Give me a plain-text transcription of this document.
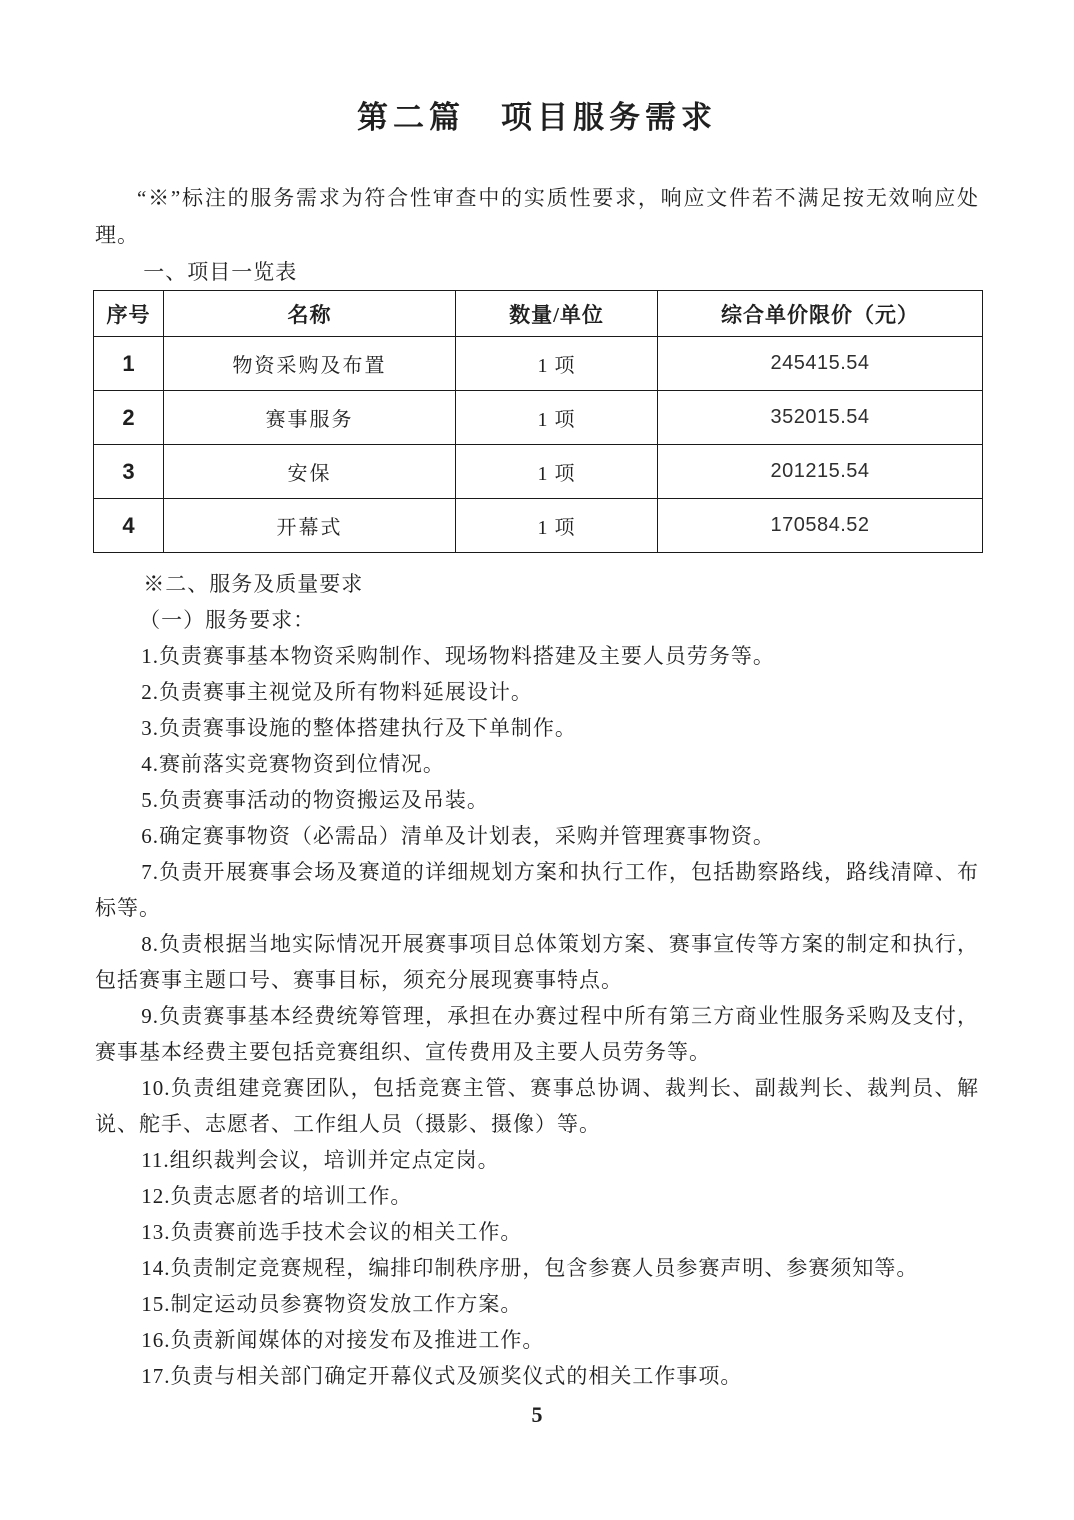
第二篇　项目服务需求

“※”标注的服务需求为符合性审查中的实质性要求，响应文件若不满足按无效响应处理。

一、项目一览表

序号	名称	数量/单位	综合单价限价（元）
1	物资采购及布置	1 项	245415.54
2	赛事服务	1 项	352015.54
3	安保	1 项	201215.54
4	开幕式	1 项	170584.52

※二、服务及质量要求

（一）服务要求：

1.负责赛事基本物资采购制作、现场物料搭建及主要人员劳务等。

2.负责赛事主视觉及所有物料延展设计。

3.负责赛事设施的整体搭建执行及下单制作。

4.赛前落实竞赛物资到位情况。

5.负责赛事活动的物资搬运及吊装。

6.确定赛事物资（必需品）清单及计划表，采购并管理赛事物资。

7.负责开展赛事会场及赛道的详细规划方案和执行工作，包括勘察路线，路线清障、布标等。

8.负责根据当地实际情况开展赛事项目总体策划方案、赛事宣传等方案的制定和执行，包括赛事主题口号、赛事目标，须充分展现赛事特点。

9.负责赛事基本经费统筹管理，承担在办赛过程中所有第三方商业性服务采购及支付，赛事基本经费主要包括竞赛组织、宣传费用及主要人员劳务等。

10.负责组建竞赛团队，包括竞赛主管、赛事总协调、裁判长、副裁判长、裁判员、解说、舵手、志愿者、工作组人员（摄影、摄像）等。

11.组织裁判会议，培训并定点定岗。

12.负责志愿者的培训工作。

13.负责赛前选手技术会议的相关工作。

14.负责制定竞赛规程，编排印制秩序册，包含参赛人员参赛声明、参赛须知等。

15.制定运动员参赛物资发放工作方案。

16.负责新闻媒体的对接发布及推进工作。

17.负责与相关部门确定开幕仪式及颁奖仪式的相关工作事项。

5
